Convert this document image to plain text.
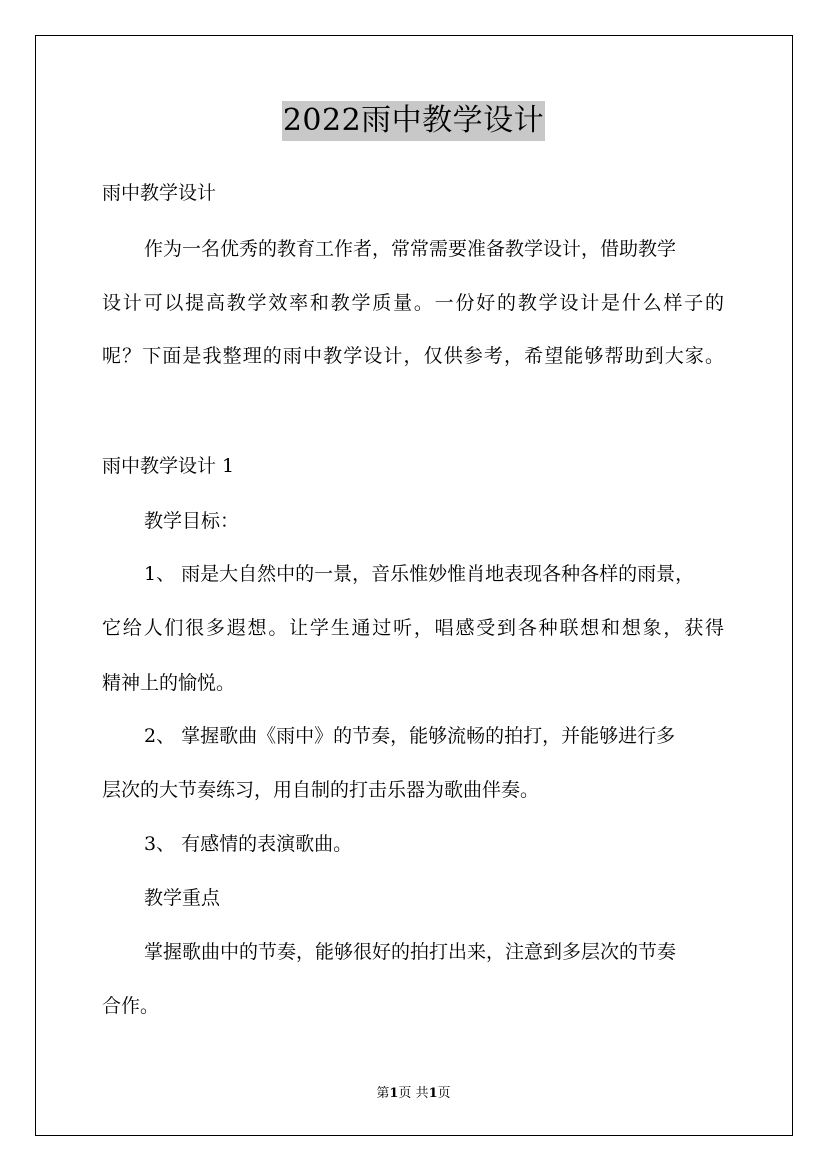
2022雨中教学设计
雨中教学设计
作为一名优秀的教育工作者，常常需要准备教学设计，借助教学
设计可以提高教学效率和教学质量。一份好的教学设计是什么样子的
呢？下面是我整理的雨中教学设计，仅供参考，希望能够帮助到大家。
雨中教学设计 1
教学目标：
1、 雨是大自然中的一景，音乐惟妙惟肖地表现各种各样的雨景，
它给人们很多遐想。让学生通过听，唱感受到各种联想和想象，获得
精神上的愉悦。
2、 掌握歌曲《雨中》的节奏，能够流畅的拍打，并能够进行多
层次的大节奏练习，用自制的打击乐器为歌曲伴奏。
3、 有感情的表演歌曲。
教学重点
掌握歌曲中的节奏，能够很好的拍打出来，注意到多层次的节奏
合作。
第1页 共1页
